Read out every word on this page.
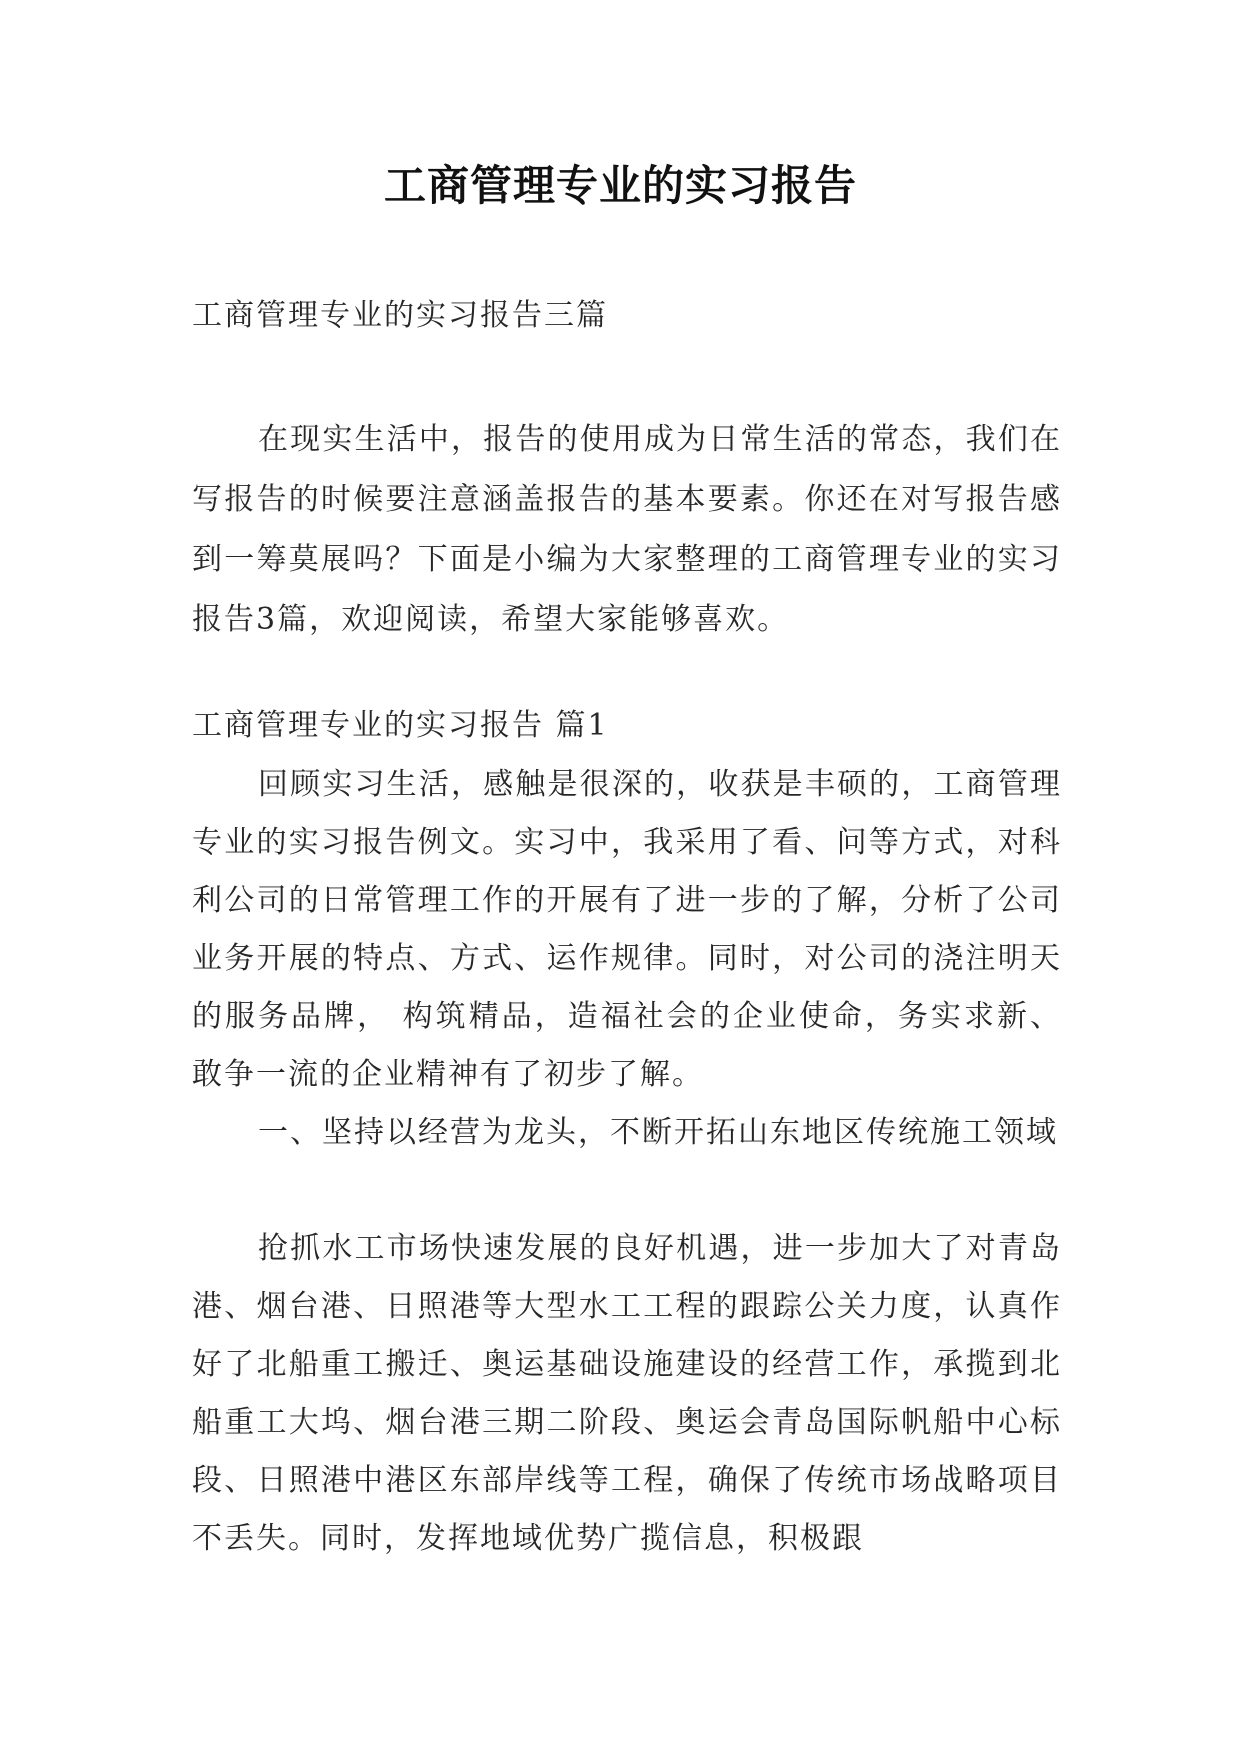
工商管理专业的实习报告

工商管理专业的实习报告三篇

在现实生活中，报告的使用成为日常生活的常态，我们在写报告的时候要注意涵盖报告的基本要素。你还在对写报告感到一筹莫展吗？下面是小编为大家整理的工商管理专业的实习报告3篇，欢迎阅读，希望大家能够喜欢。

工商管理专业的实习报告 篇1

回顾实习生活，感触是很深的，收获是丰硕的，工商管理专业的实习报告例文。实习中，我采用了看、问等方式，对科利公司的日常管理工作的开展有了进一步的了解，分析了公司业务开展的特点、方式、运作规律。同时，对公司的浇注明天的服务品牌， 构筑精品，造福社会的企业使命，务实求新、敢争一流的企业精神有了初步了解。

一、坚持以经营为龙头，不断开拓山东地区传统施工领域

抢抓水工市场快速发展的良好机遇，进一步加大了对青岛港、烟台港、日照港等大型水工工程的跟踪公关力度，认真作好了北船重工搬迁、奥运基础设施建设的经营工作，承揽到北船重工大坞、烟台港三期二阶段、奥运会青岛国际帆船中心标段、日照港中港区东部岸线等工程，确保了传统市场战略项目不丢失。同时，发挥地域优势广揽信息，积极跟
